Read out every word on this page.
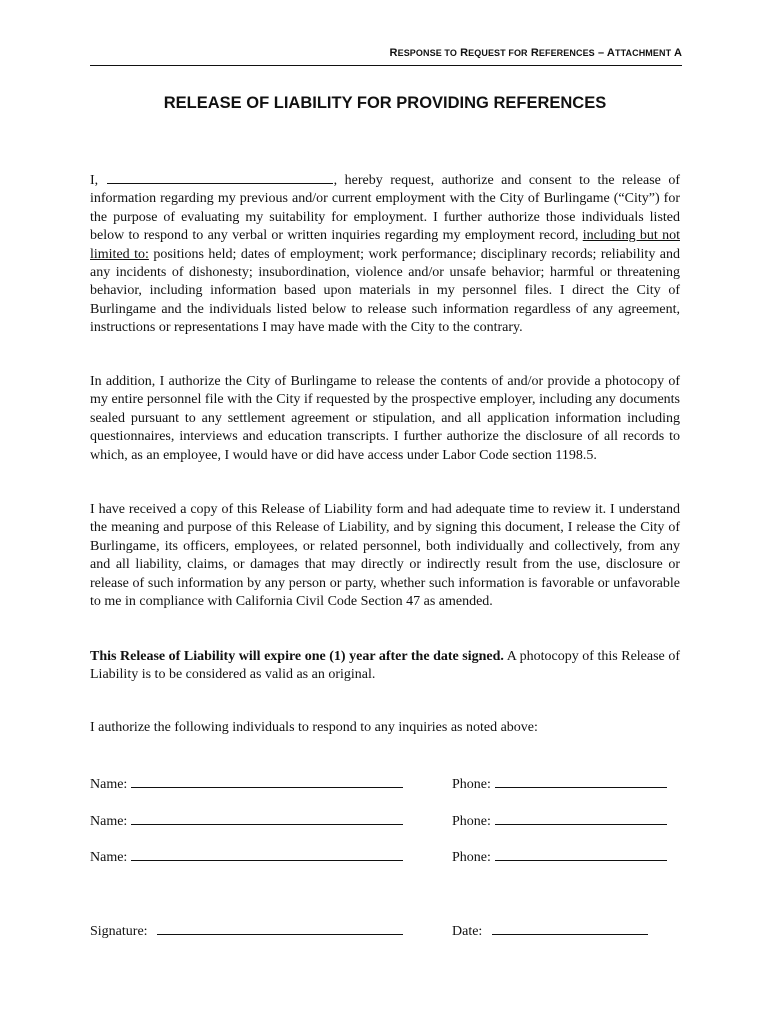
RESPONSE TO REQUEST FOR REFERENCES – ATTACHMENT A
RELEASE OF LIABILITY FOR PROVIDING REFERENCES
I,	, hereby request, authorize and consent to the release of information regarding my previous and/or current employment with the City of Burlingame (“City”) for the purpose of evaluating my suitability for employment. I further authorize those individuals listed below to respond to any verbal or written inquiries regarding my employment record, including but not limited to: positions held; dates of employment; work performance; disciplinary records; reliability and any incidents of dishonesty; insubordination, violence and/or unsafe behavior; harmful or threatening behavior, including information based upon materials in my personnel files. I direct the City of Burlingame and the individuals listed below to release such information regardless of any agreement, instructions or representations I may have made with the City to the contrary.
In addition, I authorize the City of Burlingame to release the contents of and/or provide a photocopy of my entire personnel file with the City if requested by the prospective employer, including any documents sealed pursuant to any settlement agreement or stipulation, and all application information including questionnaires, interviews and education transcripts. I further authorize the disclosure of all records to which, as an employee, I would have or did have access under Labor Code section 1198.5.
I have received a copy of this Release of Liability form and had adequate time to review it. I understand the meaning and purpose of this Release of Liability, and by signing this document, I release the City of Burlingame, its officers, employees, or related personnel, both individually and collectively, from any and all liability, claims, or damages that may directly or indirectly result from the use, disclosure or release of such information by any person or party, whether such information is favorable or unfavorable to me in compliance with California Civil Code Section 47 as amended.
This Release of Liability will expire one (1) year after the date signed. A photocopy of this Release of Liability is to be considered as valid as an original.
I authorize the following individuals to respond to any inquiries as noted above:
Name:	Phone:
Name:	Phone:
Name:	Phone:
Signature:	Date:
